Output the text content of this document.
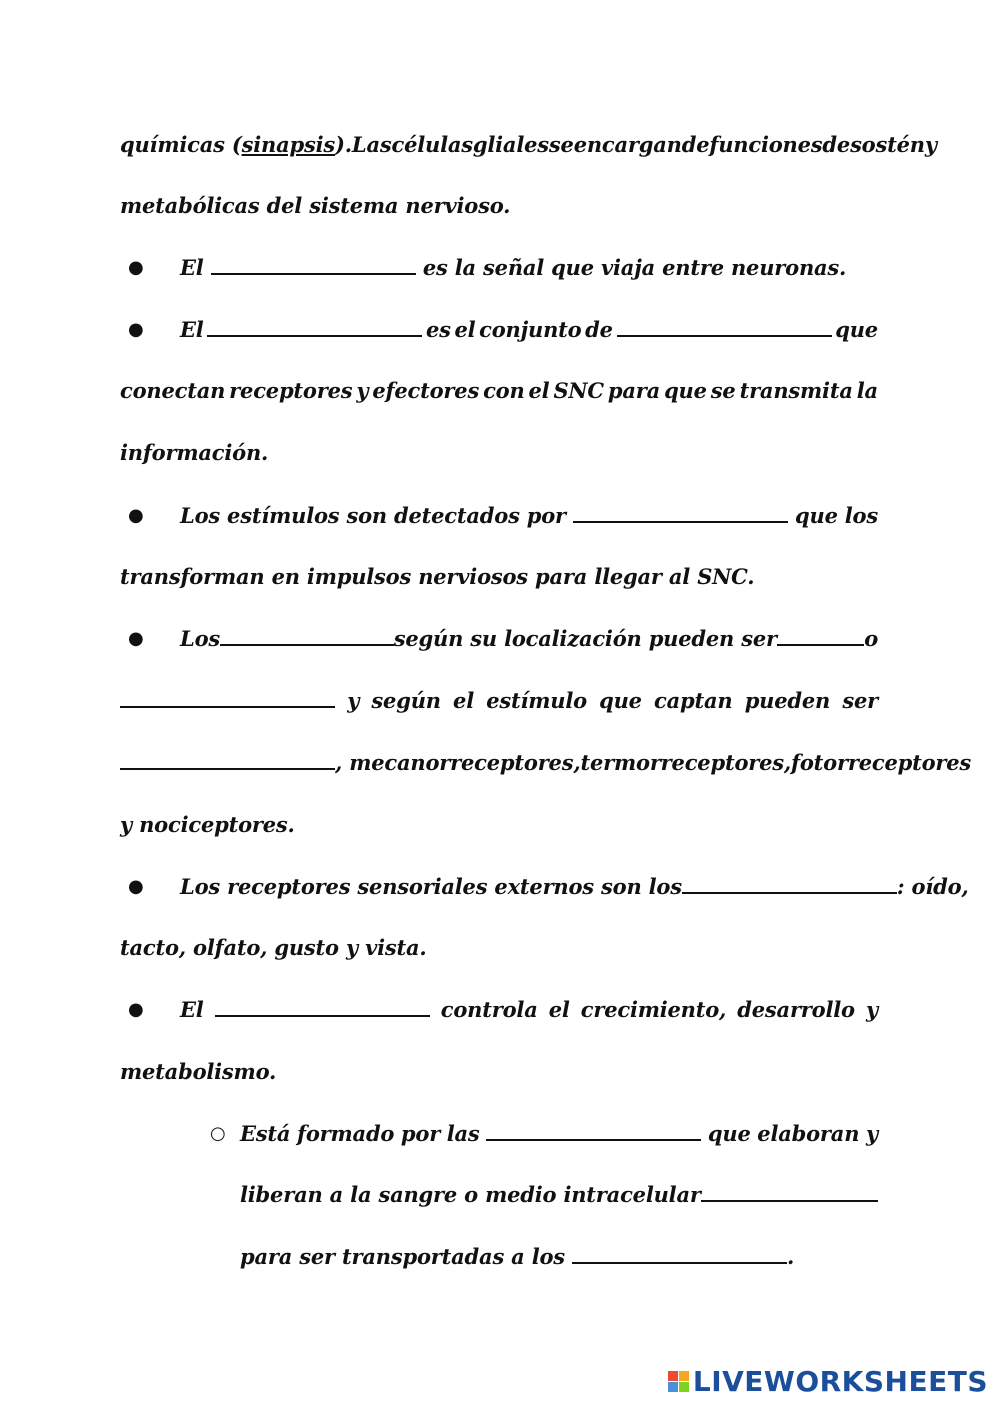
químicas (sinapsis). Las células gliales se encargan de funciones de sostén y
metabólicas del sistema nervioso.
● El	es la señal que viaja entre neuronas.
● El	es el conjunto de	que
conectan receptores y efectores con el SNC para que se transmita la
información.
● Los estímulos son detectados por	que los
transforman en impulsos nerviosos para llegar al SNC.
● Los	según su localización pueden ser	o
y según el estímulo que captan pueden ser
, mecanorreceptores, termorreceptores, fotorreceptores
y nociceptores.
● Los receptores sensoriales externos son los	: oído,
tacto, olfato, gusto y vista.
● El	controla el crecimiento, desarrollo y
metabolismo.
○ Está formado por las	que elaboran y
liberan a la sangre o medio intracelular
para ser transportadas a los	.
LIVEWORKSHEETS
